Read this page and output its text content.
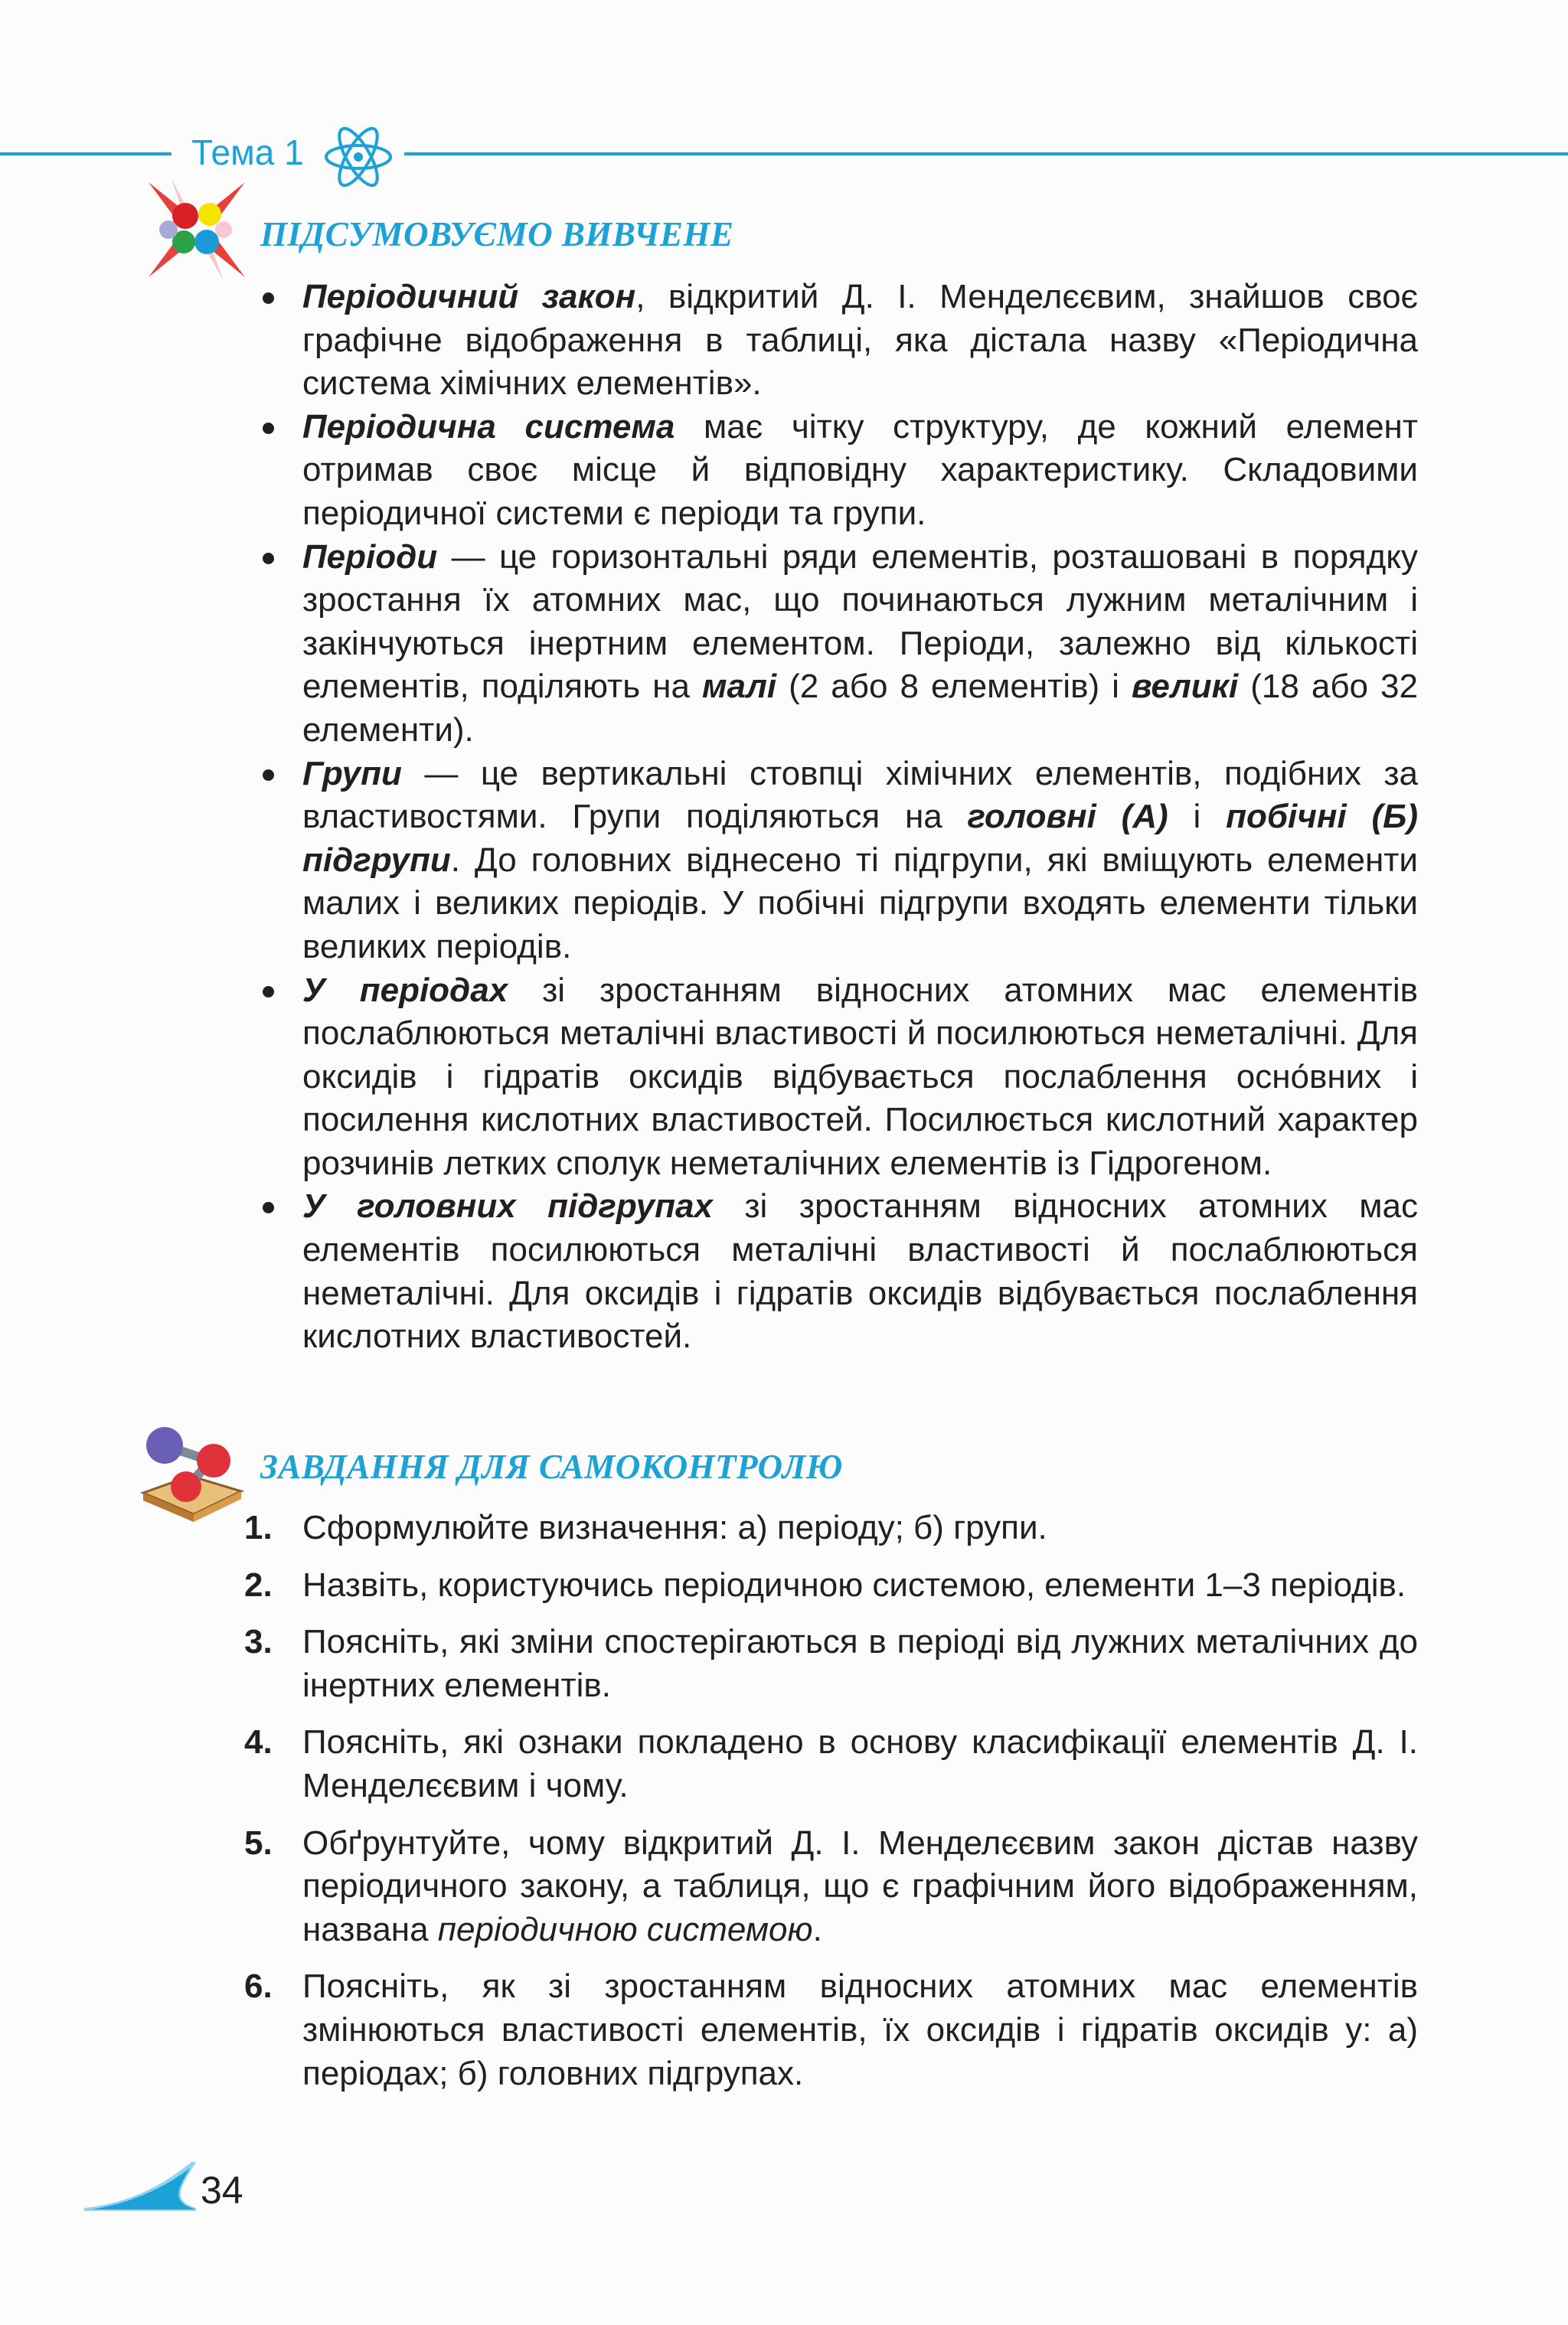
Тема 1
ПІДСУМОВУЄМО ВИВЧЕНЕ
Періодичний закон, відкритий Д. І. Менделєєвим, знайшов своє графічне відображення в таблиці, яка дістала назву «Періодична система хімічних елементів».
Періодична система має чітку структуру, де кожний елемент отримав своє місце й відповідну характеристику. Складовими періодичної системи є періоди та групи.
Періоди — це горизонтальні ряди елементів, розташовані в порядку зростання їх атомних мас, що починаються лужним металічним і закінчуються інертним елементом. Періоди, залежно від кількості елементів, поділяють на малі (2 або 8 елементів) і великі (18 або 32 елементи).
Групи — це вертикальні стовпці хімічних елементів, подібних за властивостями. Групи поділяються на головні (А) і побічні (Б) підгрупи. До головних віднесено ті підгрупи, які вміщують елементи малих і великих періодів. У побічні підгрупи входять елементи тільки великих періодів.
У періодах зі зростанням відносних атомних мас елементів послаблюються металічні властивості й посилюються неметалічні. Для оксидів і гідратів оксидів відбувається послаблення осно́вних і посилення кислотних властивостей. Посилюється кислотний характер розчинів летких сполук неметалічних елементів із Гідрогеном.
У головних підгрупах зі зростанням відносних атомних мас елементів посилюються металічні властивості й послаблюються неметалічні. Для оксидів і гідратів оксидів відбувається послаблення кислотних властивостей.
ЗАВДАННЯ ДЛЯ САМОКОНТРОЛЮ
1. Сформулюйте визначення: а) періоду; б) групи.
2. Назвіть, користуючись періодичною системою, елементи 1–3 періодів.
3. Поясніть, які зміни спостерігаються в періоді від лужних металічних до інертних елементів.
4. Поясніть, які ознаки покладено в основу класифікації елементів Д. І. Менделєєвим і чому.
5. Обґрунтуйте, чому відкритий Д. І. Менделєєвим закон дістав назву періодичного закону, а таблиця, що є графічним його відображенням, названа періодичною системою.
6. Поясніть, як зі зростанням відносних атомних мас елементів змінюються властивості елементів, їх оксидів і гідратів оксидів у: а) періодах; б) головних підгрупах.
34
